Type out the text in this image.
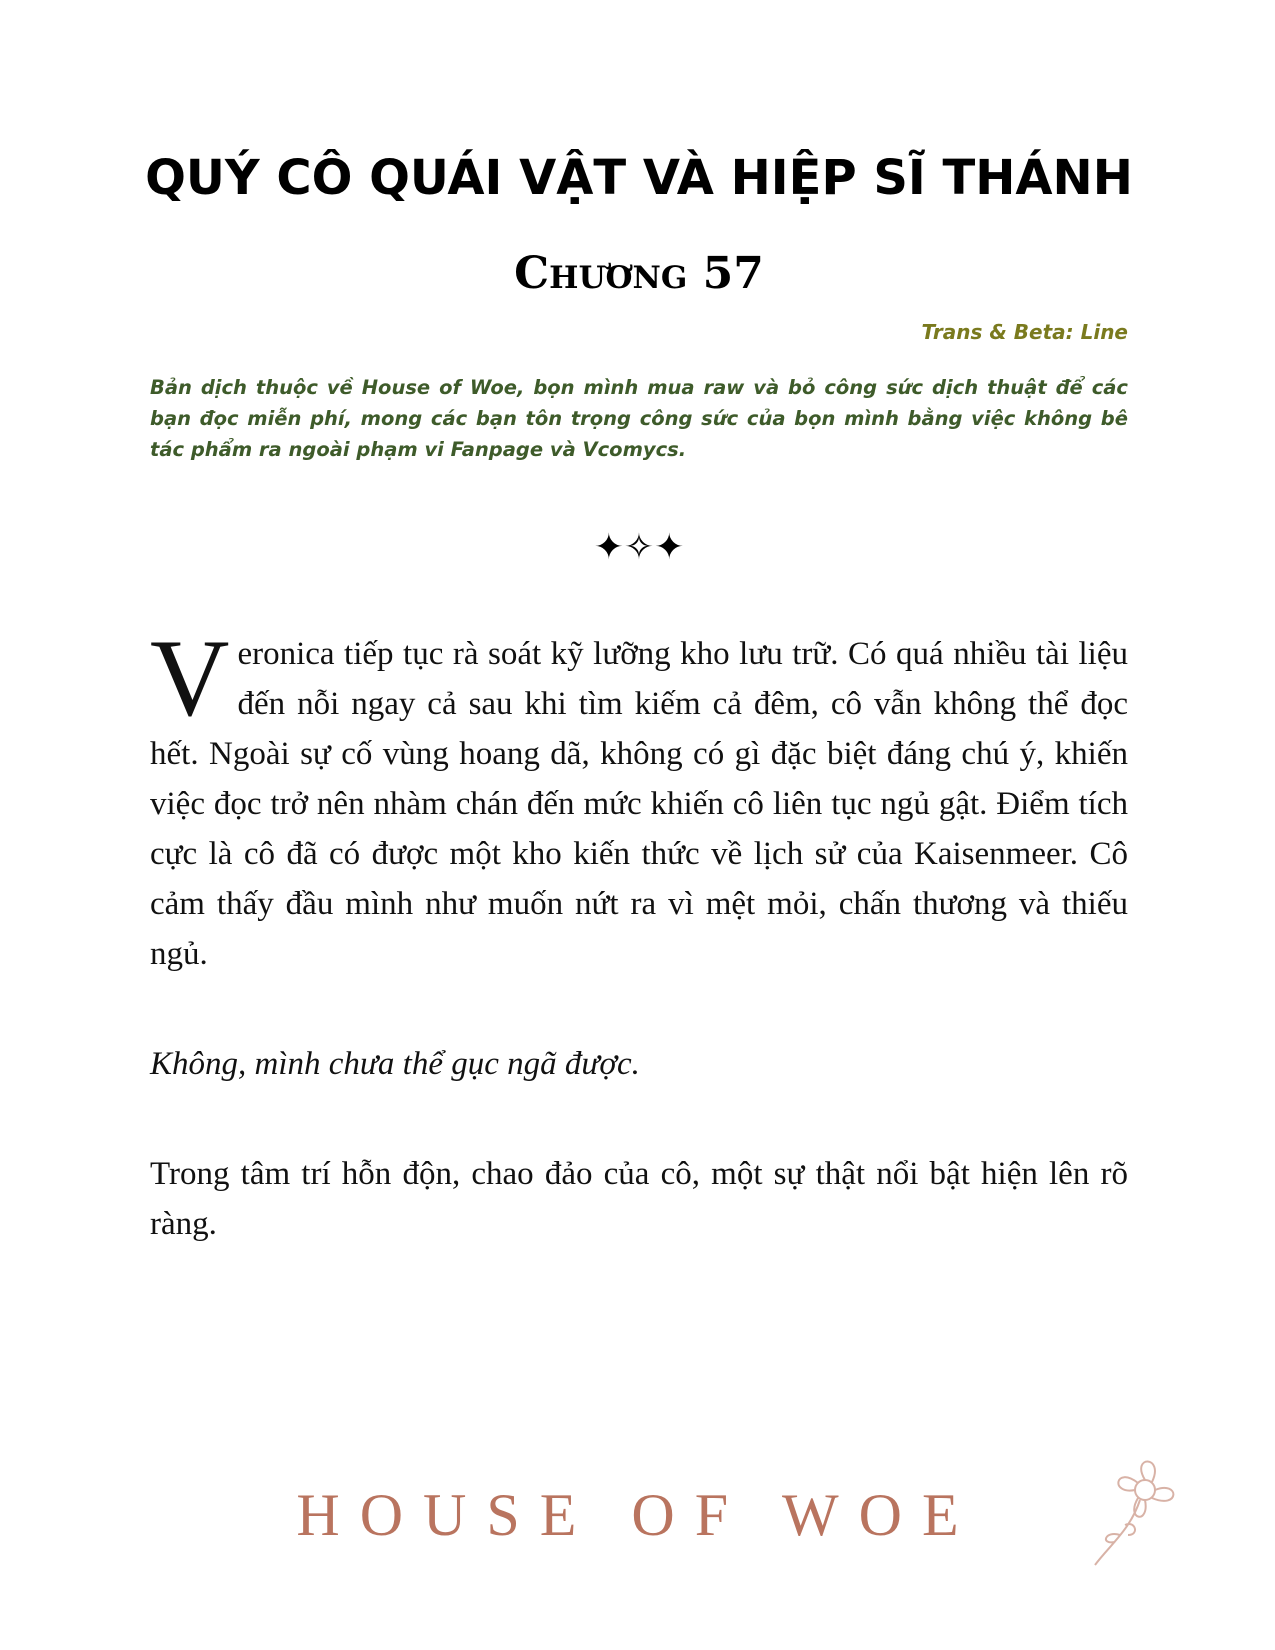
QUÝ CÔ QUÁI VẬT VÀ HIỆP SĨ THÁNH
Chương 57
Trans & Beta: Line
Bản dịch thuộc về House of Woe, bọn mình mua raw và bỏ công sức dịch thuật để các bạn đọc miễn phí, mong các bạn tôn trọng công sức của bọn mình bằng việc không bê tác phẩm ra ngoài phạm vi Fanpage và Vcomycs.
✦✧✦
Veronica tiếp tục rà soát kỹ lưỡng kho lưu trữ. Có quá nhiều tài liệu đến nỗi ngay cả sau khi tìm kiếm cả đêm, cô vẫn không thể đọc hết. Ngoài sự cố vùng hoang dã, không có gì đặc biệt đáng chú ý, khiến việc đọc trở nên nhàm chán đến mức khiến cô liên tục ngủ gật. Điểm tích cực là cô đã có được một kho kiến thức về lịch sử của Kaisenmeer. Cô cảm thấy đầu mình như muốn nứt ra vì mệt mỏi, chấn thương và thiếu ngủ.
Không, mình chưa thể gục ngã được.
Trong tâm trí hỗn độn, chao đảo của cô, một sự thật nổi bật hiện lên rõ ràng.
HOUSE OF WOE
